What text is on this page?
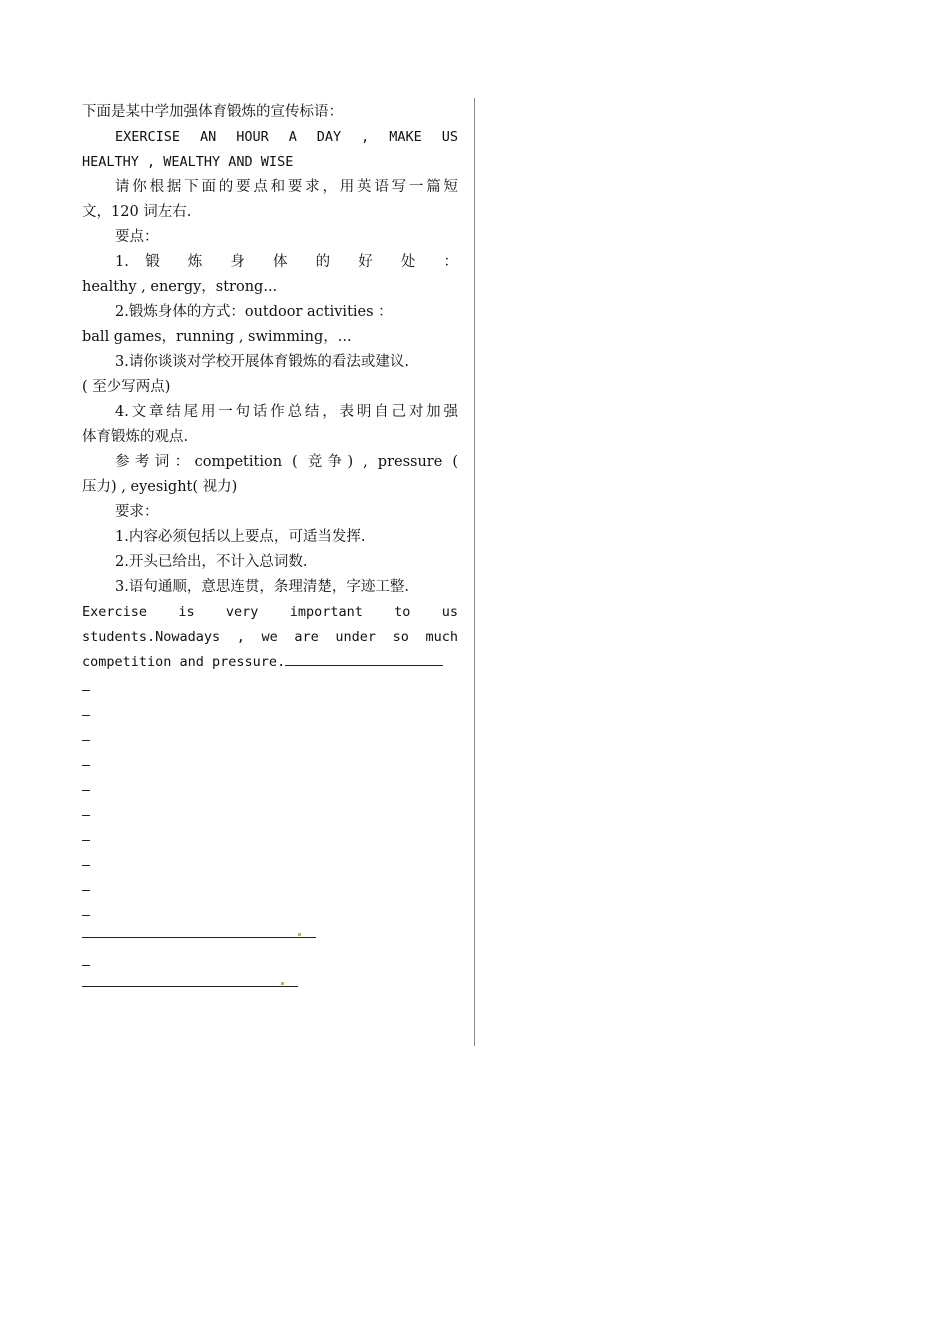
下面是某中学加强体育锻炼的宣传标语：

EXERCISE AN HOUR A DAY , MAKE US

HEALTHY , WEALTHY AND WISE

请你根据下面的要点和要求，用英语写一篇短

文，120 词左右.

要点：

1. 锻 炼 身 体 的 好 处 ：

healthy , energy，strong...

2.锻炼身体的方式：outdoor activities ：

ball games，running , swimming，...

3.请你谈谈对学校开展体育锻炼的看法或建议.

( 至少写两点)

4.文章结尾用一句话作总结，表明自己对加强

体育锻炼的观点.

参考词：competition ( 竞争) , pressure (

压力) , eyesight( 视力)

要求：

1.内容必须包括以上要点，可适当发挥.

2.开头已给出，不计入总词数.

3.语句通顺，意思连贯，条理清楚，字迹工整.

Exercise is very important to us

students.Nowadays , we are under so much

competition and pressure.
